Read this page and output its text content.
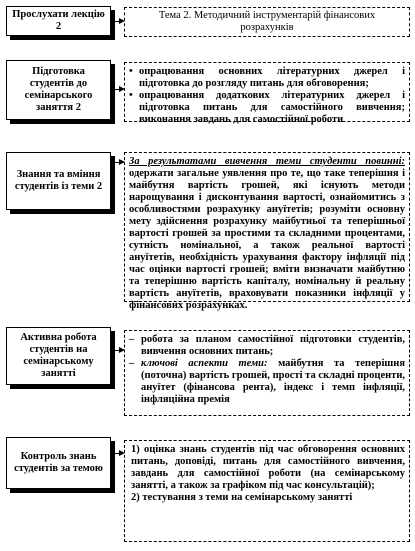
Прослухати лекцію 2
Тема 2. Методичний інструментарій фінансових розрахунків
Підготовка студентів до семінарського заняття 2
• опрацювання основних літературних джерел і підготовка до розгляду питань для обговорення;
• опрацювання додаткових літературних джерел і підготовка питань для самостійного вивчення; виконання завдань для самостійної роботи
Знання та вміння студентів із теми 2
За результатами вивчення теми студенти повинні: одержати загальне уявлення про те, що таке теперішня і майбутня вартість грошей, які існують методи нарощування і дисконтування вартості, ознайомитись з особливостями розрахунку ануїтетів; розуміти основну мету здійснення розрахунку майбутньої та теперішньої вартості грошей за простими та складними процентами, сутність номінальної, а також реальної вартості ануїтетів, необхідність урахування фактору інфляції під час оцінки вартості грошей; вміти визначати майбутню та теперішню вартість капіталу, номінальну й реальну вартість ануїтетів, враховувати показники інфляції у фінансових розрахунках.
Активна робота студентів на семінарському занятті
– робота за планом самостійної підготовки студентів, вивчення основних питань;
– ключові аспекти теми: майбутня та теперішня (поточна) вартість грошей, прості та складні проценти, ануїтет (фінансова рента), індекс і темп інфляції, інфляційна премія
Контроль знань студентів за темою
1) оцінка знань студентів під час обговорення основних питань, доповіді, питань для самостійного вивчення, завдань для самостійної роботи (на семінарському занятті, а також за графіком під час консультацій);
2) тестування з теми на семінарському занятті
